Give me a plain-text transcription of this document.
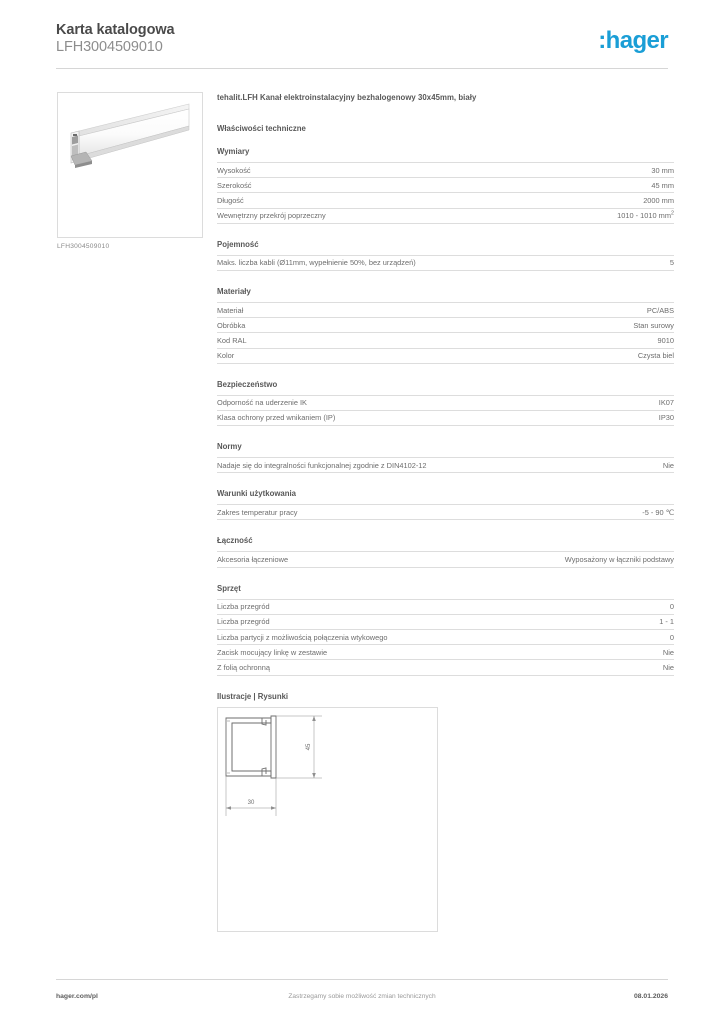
Karta katalogowa
LFH3004509010	:hager
LFH3004509010
tehalit.LFH Kanał elektroinstalacyjny bezhalogenowy 30x45mm, biały
Właściwości techniczne
Wymiary
Wysokość	30 mm
Szerokość	45 mm
Długość	2000 mm
Wewnętrzny przekrój poprzeczny	1010 - 1010 $mm^2$
Pojemność
Maks. liczba kabli (Ø11mm, wypełnienie 50%, bez urządzeń)	5
Materiały
Materiał	PC/ABS
Obróbka	Stan surowy
Kod RAL	9010
Kolor	Czysta biel
Bezpieczeństwo
Odporność na uderzenie IK	IK07
Klasa ochrony przed wnikaniem (IP)	IP30
Normy
Nadaje się do integralności funkcjonalnej zgodnie z DIN4102-12	Nie
Warunki użytkowania
Zakres temperatur pracy	-5 - 90 ℃
Łączność
Akcesoria łączeniowe	Wyposażony w łączniki podstawy
Sprzęt
Liczba przegród	0
Liczba przegród	1 - 1
Liczba partycji z możliwością połączenia wtykowego	0
Zacisk mocujący linkę w zestawie	Nie
Z folią ochronną	Nie
Ilustracje | Rysunki
45
30
Zastrzegamy sobie możliwość zmian technicznych
hager.com/pl	08.01.2026
